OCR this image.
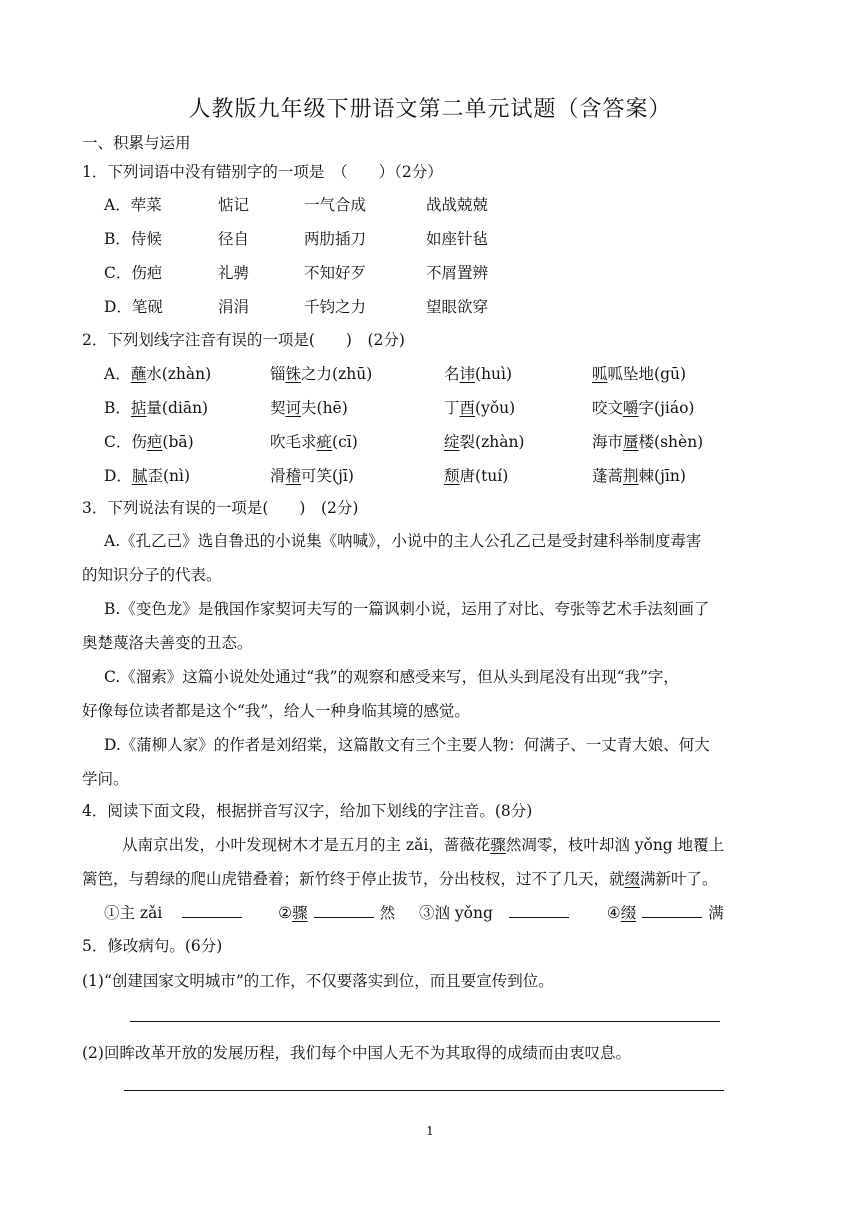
人教版九年级下册语文第二单元试题（含答案）
一、积累与运用
1．下列词语中没有错别字的一项是　（　　）（2分）
A．荦菜	惦记	一气合成	战战兢兢
B．侍候	径自	两肋插刀	如座针毡
C．伤疤	礼骋	不知好歹	不屑置辨
D．笔砚	涓涓	千钧之力	望眼欲穿
2．下列划线字注音有误的一项是(　　)　(2分)
A．蘸水(zhàn)	锱铢之力(zhū)	名讳(huì)	呱呱坠地(gū)
B．掂量(diān)	契诃夫(hē)	丁酉(yǒu)	咬文嚼字(jiáo)
C．伤疤(bā)	吹毛求疵(cī)	绽裂(zhàn)	海市蜃楼(shèn)
D．腻歪(nì)	滑稽可笑(jī)	颓唐(tuí)	蓬蒿荆棘(jīn)
3．下列说法有误的一项是(　　)　(2分)
A.《孔乙己》选自鲁迅的小说集《呐喊》，小说中的主人公孔乙己是受封建科举制度毒害
的知识分子的代表。
B.《变色龙》是俄国作家契诃夫写的一篇讽刺小说，运用了对比、夸张等艺术手法刻画了
奥楚蔑洛夫善变的丑态。
C.《溜索》这篇小说处处通过“我”的观察和感受来写，但从头到尾没有出现“我”字，
好像每位读者都是这个“我”，给人一种身临其境的感觉。
D.《蒲柳人家》的作者是刘绍棠，这篇散文有三个主要人物：何满子、一丈青大娘、何大
学问。
4．阅读下面文段，根据拼音写汉字，给加下划线的字注音。(8分)
从南京出发，小叶发现树木才是五月的主 zǎi，蔷薇花骤然凋零，枝叶却汹 yǒng 地覆上
篱笆，与碧绿的爬山虎错叠着；新竹终于停止拔节，分出枝杈，过不了几天，就缀满新叶了。
①主 zǎi	②骤	然 ③汹 yǒng	④缀	满
5．修改病句。(6分)
(1)“创建国家文明城市”的工作，不仅要落实到位，而且要宣传到位。
(2)回眸改革开放的发展历程，我们每个中国人无不为其取得的成绩而由衷叹息。
1
